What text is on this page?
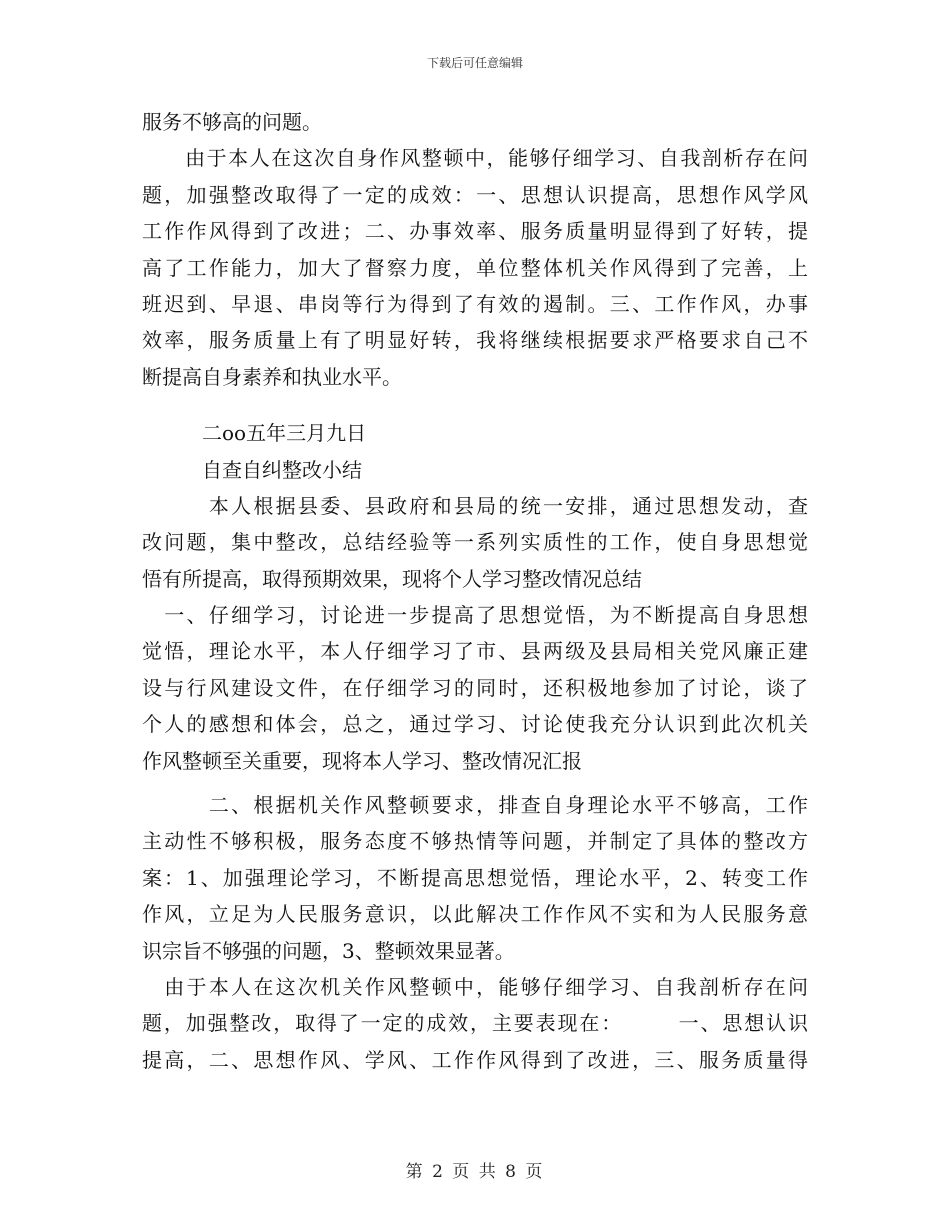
下载后可任意编辑
服务不够高的问题。
　　由于本人在这次自身作风整顿中，能够仔细学习、自我剖析存在问
题，加强整改取得了一定的成效：一、思想认识提高，思想作风学风
工作作风得到了改进；二、办事效率、服务质量明显得到了好转，提
高了工作能力，加大了督察力度，单位整体机关作风得到了完善，上
班迟到、早退、串岗等行为得到了有效的遏制。三、工作作风，办事
效率，服务质量上有了明显好转，我将继续根据要求严格要求自己不
断提高自身素养和执业水平。
　　　二oo五年三月九日
　　　自查自纠整改小结
　　　本人根据县委、县政府和县局的统一安排，通过思想发动，查
改问题，集中整改，总结经验等一系列实质性的工作，使自身思想觉
悟有所提高，取得预期效果，现将个人学习整改情况总结
　一、仔细学习，讨论进一步提高了思想觉悟，为不断提高自身思想
觉悟，理论水平，本人仔细学习了市、县两级及县局相关党风廉正建
设与行风建设文件，在仔细学习的同时，还积极地参加了讨论，谈了
个人的感想和体会，总之，通过学习、讨论使我充分认识到此次机关
作风整顿至关重要，现将本人学习、整改情况汇报
　　　二、根据机关作风整顿要求，排查自身理论水平不够高，工作
主动性不够积极，服务态度不够热情等问题，并制定了具体的整改方
案：1、加强理论学习，不断提高思想觉悟，理论水平，2、转变工作
作风，立足为人民服务意识，以此解决工作作风不实和为人民服务意
识宗旨不够强的问题，3、整顿效果显著。
　由于本人在这次机关作风整顿中，能够仔细学习、自我剖析存在问
题，加强整改，取得了一定的成效，主要表现在：　　　一、思想认识
提高，二、思想作风、学风、工作作风得到了改进，三、服务质量得
第 2 页 共 8 页
